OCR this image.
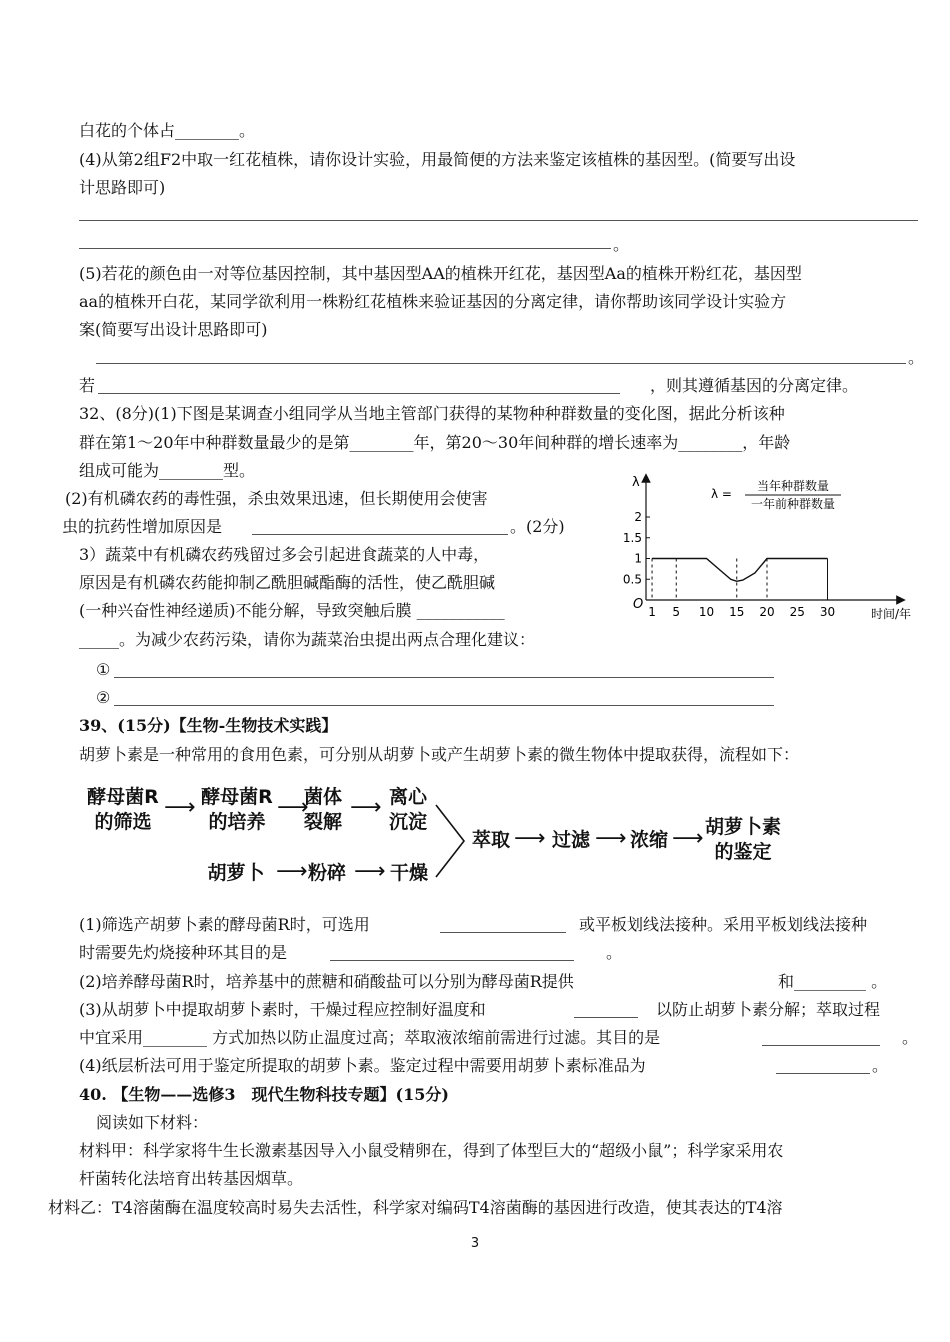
白花的个体占________。
(4)从第2组F2中取一红花植株，请你设计实验，用最简便的方法来鉴定该植株的基因型。(简要写出设
计思路即可)
。
(5)若花的颜色由一对等位基因控制，其中基因型AA的植株开红花，基因型Aa的植株开粉红花，基因型
aa的植株开白花，某同学欲利用一株粉红花植株来验证基因的分离定律，请你帮助该同学设计实验方
案(简要写出设计思路即可)
。
若	，则其遵循基因的分离定律。
32、(8分)(1)下图是某调查小组同学从当地主管部门获得的某物种种群数量的变化图，据此分析该种
群在第1～20年中种群数量最少的是第________年，第20～30年间种群的增长速率为________，年龄
组成可能为________型。
(2)有机磷农药的毒性强，杀虫效果迅速，但长期使用会使害
虫的抗药性增加原因是	。(2分)
3）蔬菜中有机磷农药残留过多会引起进食蔬菜的人中毒，
原因是有机磷农药能抑制乙酰胆碱酯酶的活性，使乙酰胆碱
(一种兴奋性神经递质)不能分解，导致突触后膜 ___________
_____。为减少农药污染，请你为蔬菜治虫提出两点合理化建议：
①
②
λ
O
时间/年
1 5 10 15 20 25 30
0.5
1
1.5
2
λ =
当年种群数量
一年前种群数量
39、(15分)【生物-生物技术实践】
胡萝卜素是一种常用的食用色素，可分别从胡萝卜或产生胡萝卜素的微生物体中提取获得，流程如下：
酵母菌R
的筛选
⟶ 酵母菌R
的培养
⟶
菌体
裂解
⟶ 离心
沉淀
胡萝卜 ⟶ 粉碎 ⟶ 干燥
萃取 ⟶ 过滤 ⟶ 浓缩 ⟶ 胡萝卜素
的鉴定
(1)筛选产胡萝卜素的酵母菌R时，可选用	或平板划线法接种。采用平板划线法接种
时需要先灼烧接种环其目的是	。
(2)培养酵母菌R时，培养基中的蔗糖和硝酸盐可以分别为酵母菌R提供	和_________ 。
(3)从胡萝卜中提取胡萝卜素时，干燥过程应控制好温度和	以防止胡萝卜素分解；萃取过程
中宜采用________ 方式加热以防止温度过高；萃取液浓缩前需进行过滤。其目的是	。
(4)纸层析法可用于鉴定所提取的胡萝卜素。鉴定过程中需要用胡萝卜素标准品为	。
40. 【生物——选修3　现代生物科技专题】(15分)
阅读如下材料：
材料甲：科学家将牛生长激素基因导入小鼠受精卵在，得到了体型巨大的“超级小鼠”；科学家采用农
杆菌转化法培育出转基因烟草。
材料乙：T4溶菌酶在温度较高时易失去活性，科学家对编码T4溶菌酶的基因进行改造，使其表达的T4溶
3
